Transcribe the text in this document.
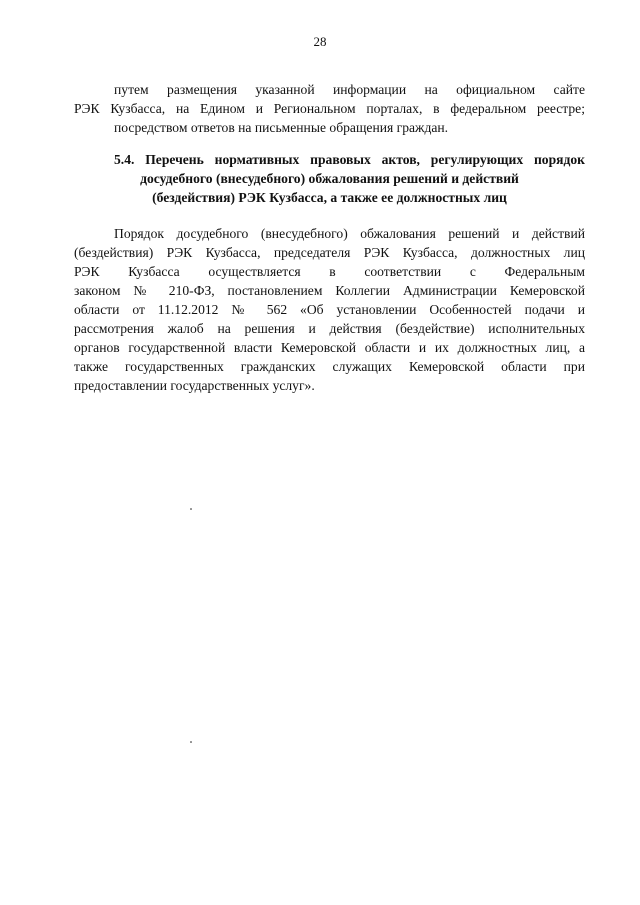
28
путем размещения указанной информации на официальном сайте
РЭК Кузбасса, на Едином и Региональном порталах, в федеральном реестре;
посредством ответов на письменные обращения граждан.
5.4. Перечень нормативных правовых актов, регулирующих порядок
досудебного (внесудебного) обжалования решений и действий
(бездействия) РЭК Кузбасса, а также ее должностных лиц
Порядок досудебного (внесудебного) обжалования решений и действий
(бездействия) РЭК Кузбасса, председателя РЭК Кузбасса, должностных лиц
РЭК Кузбасса осуществляется в соответствии с Федеральным
законом № 210-ФЗ, постановлением Коллегии Администрации Кемеровской
области от 11.12.2012 № 562 «Об установлении Особенностей подачи и
рассмотрения жалоб на решения и действия (бездействие) исполнительных
органов государственной власти Кемеровской области и их должностных лиц, а
также государственных гражданских служащих Кемеровской области при
предоставлении государственных услуг».
